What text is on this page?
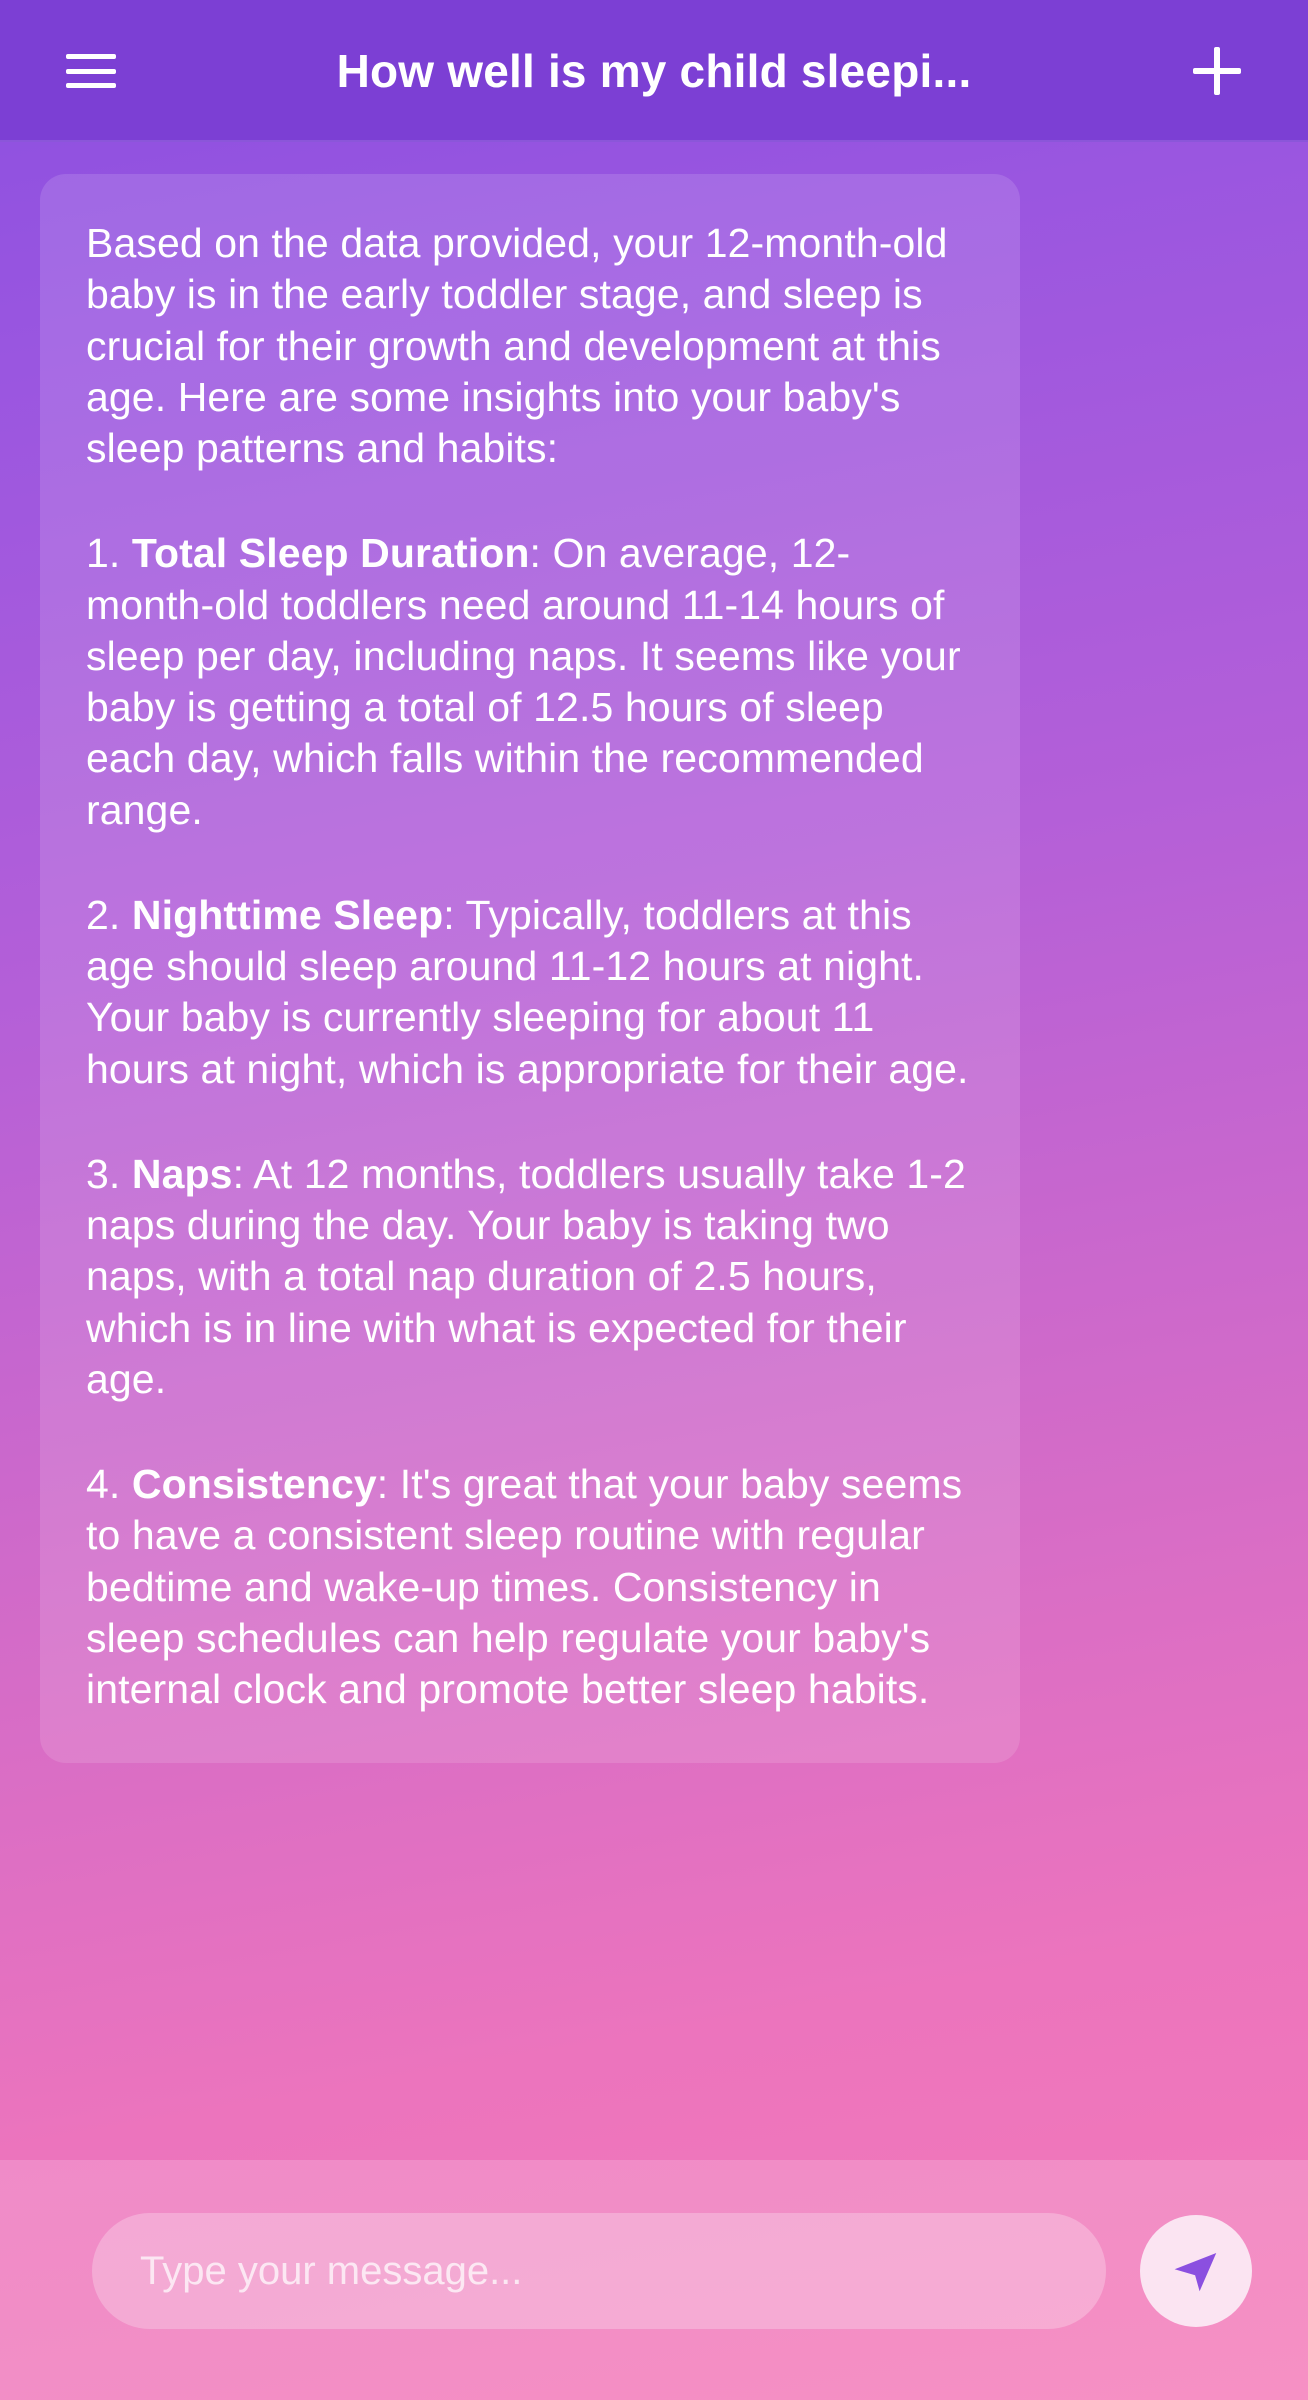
How well is my child sleepi...

Based on the data provided, your 12-month-old baby is in the early toddler stage, and sleep is crucial for their growth and development at this age. Here are some insights into your baby's sleep patterns and habits:

1. Total Sleep Duration: On average, 12-month-old toddlers need around 11-14 hours of sleep per day, including naps. It seems like your baby is getting a total of 12.5 hours of sleep each day, which falls within the recommended range.

2. Nighttime Sleep: Typically, toddlers at this age should sleep around 11-12 hours at night. Your baby is currently sleeping for about 11 hours at night, which is appropriate for their age.

3. Naps: At 12 months, toddlers usually take 1-2 naps during the day. Your baby is taking two naps, with a total nap duration of 2.5 hours, which is in line with what is expected for their age.

4. Consistency: It's great that your baby seems to have a consistent sleep routine with regular bedtime and wake-up times. Consistency in sleep schedules can help regulate your baby's internal clock and promote better sleep habits.

Type your message...
